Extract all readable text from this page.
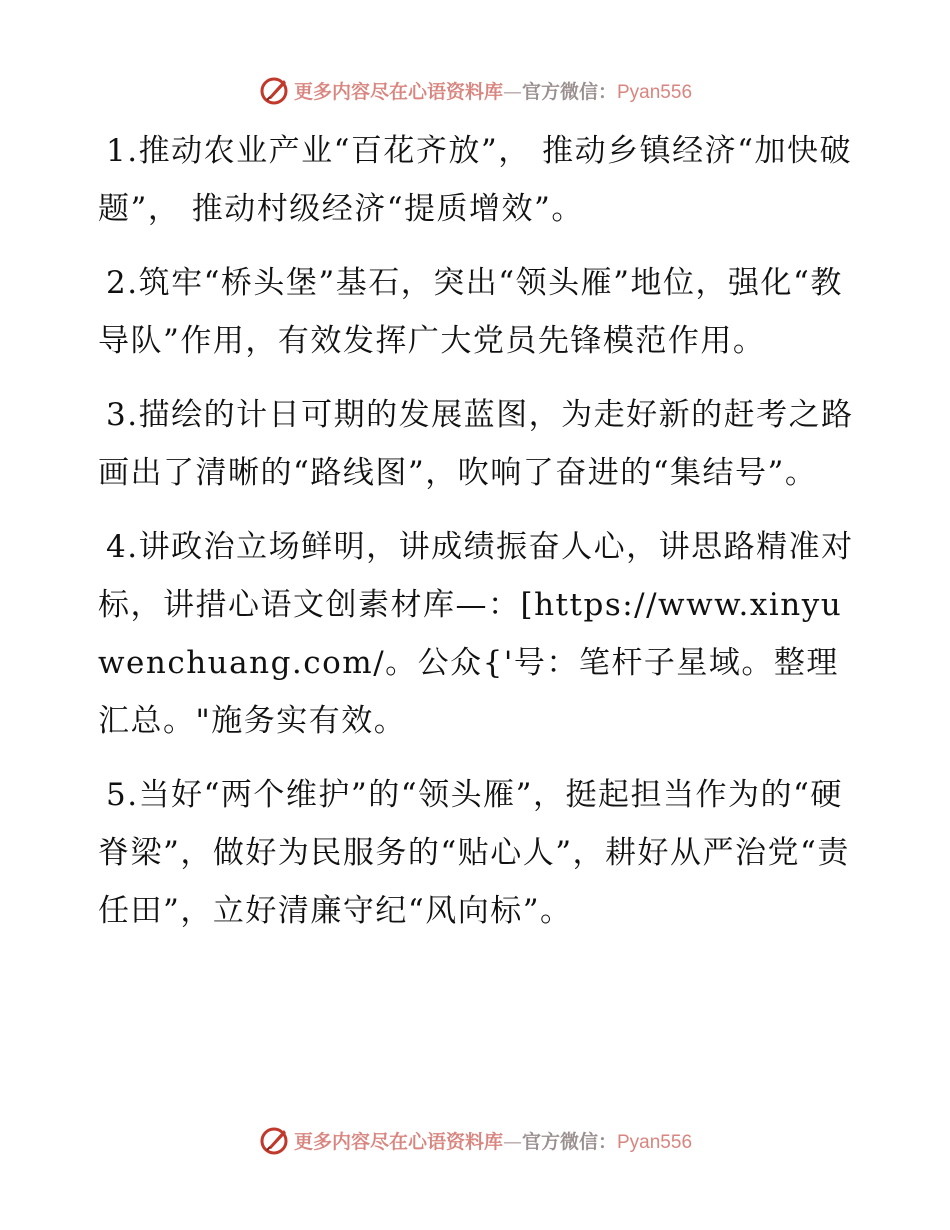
更多内容尽在心语资料库—官方微信：Pyan556

1.推动农业产业“百花齐放”， 推动乡镇经济“加快破题”， 推动村级经济“提质增效”。

2.筑牢“桥头堡”基石，突出“领头雁”地位，强化“教导队”作用，有效发挥广大党员先锋模范作用。

3.描绘的计日可期的发展蓝图，为走好新的赶考之路画出了清晰的“路线图”，吹响了奋进的“集结号”。

4.讲政治立场鲜明，讲成绩振奋人心，讲思路精准对标，讲措心语文创素材库—：[https://www.xinyuwenchuang.com/。公众{'号：笔杆子星域。整理汇总。"施务实有效。

5.当好“两个维护”的“领头雁”，挺起担当作为的“硬脊梁”，做好为民服务的“贴心人”，耕好从严治党“责任田”，立好清廉守纪“风向标”。

更多内容尽在心语资料库—官方微信：Pyan556
